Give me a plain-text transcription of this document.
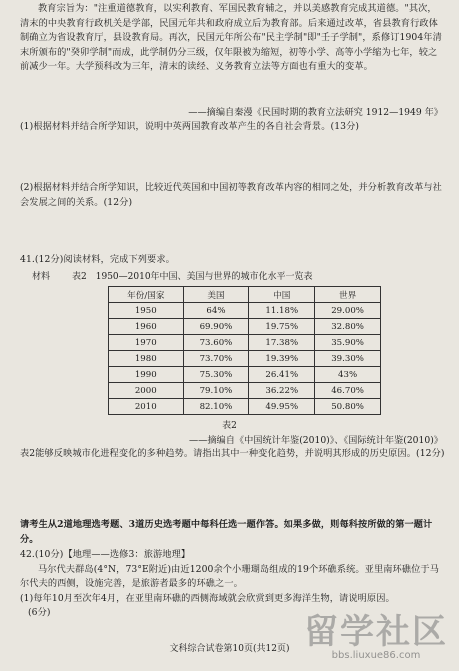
教育宗旨为："注重道德教育，以实利教育、军国民教育辅之，并以美感教育完成其道德。"其次，清末的中央教育行政机关是学部，民国元年共和政府成立后为教育部。后来通过改革，省县教育行政体制确立为省设教育厅，县设教育局。再次，民国元年所公布"民主学制"即"壬子学制"，系修订1904年清末所颁布的"癸卯学制"而成，此学制仍分三级，仅年限被为缩短，初等小学、高等小学缩为七年，较之前减少一年。大学预科改为三年，清末的读经、义务教育立法等方面也有重大的变革。
——摘编自秦漫《民国时期的教育立法研究 1912—1949 年》
(1)根据材料并结合所学知识，说明中英两国教育改革产生的各自社会背景。(13分)
(2)根据材料并结合所学知识，比较近代英国和中国初等教育改革内容的相同之处，并分析教育改革与社会发展之间的关系。(12分)
41.(12分)阅读材料，完成下列要求。
材料 表2　1950—2010年中国、美国与世界的城市化水平一览表
年份/国家	美国	中国	世界
1950	64%	11.18%	29.00%
1960	69.90%	19.75%	32.80%
1970	73.60%	17.38%	35.90%
1980	73.70%	19.39%	39.30%
1990	75.30%	26.41%	43%
2000	79.10%	36.22%	46.70%
2010	82.10%	49.95%	50.80%
表2
——摘编自《中国统计年鉴(2010)》、《国际统计年鉴(2010)》
表2能够反映城市化进程变化的多种趋势。请指出其中一种变化趋势，并说明其形成的历史原因。(12分)
请考生从2道地理选考题、3道历史选考题中每科任选一题作答。如果多做，则每科按所做的第一题计分。
42.(10分)【地理——选修3：旅游地理】
马尔代夫群岛(4°N，73°E附近)由近1200余个小珊瑚岛组成的19个环礁系统。亚里南环礁位于马尔代夫的西侧，设施完善，是旅游者最多的环礁之一。
(1)每年10月至次年4月，在亚里南环礁的西侧海域就会欣赏到更多海洋生物，请说明原因。
(6分)
文科综合试卷第10页(共12页) 留学社区
bbs.liuxue86.com
